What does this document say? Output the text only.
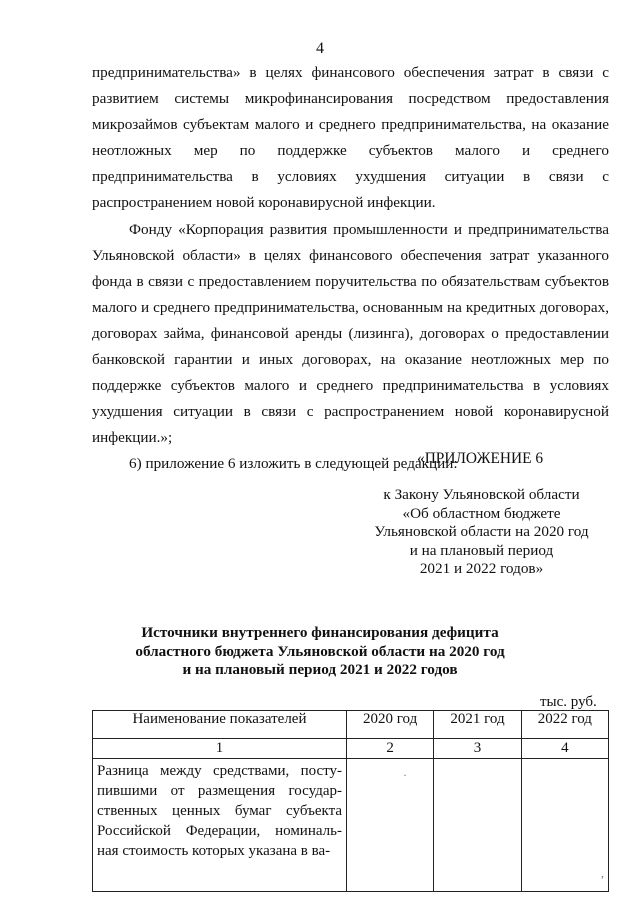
4

предпринимательства» в целях финансового обеспечения затрат в связи с развитием системы микрофинансирования посредством предоставления микрозаймов субъектам малого и среднего предпринимательства, на оказание неотложных мер по поддержке субъектов малого и среднего предпринимательства в условиях ухудшения ситуации в связи с распространением новой коронавирусной инфекции.

Фонду «Корпорация развития промышленности и предпринимательства Ульяновской области» в целях финансового обеспечения затрат указанного фонда в связи с предоставлением поручительства по обязательствам субъектов малого и среднего предпринимательства, основанным на кредитных договорах, договорах займа, финансовой аренды (лизинга), договорах о предоставлении банковской гарантии и иных договорах, на оказание неотложных мер по поддержке субъектов малого и среднего предпринимательства в условиях ухудшения ситуации в связи с распространением новой коронавирусной инфекции.»;

6) приложение 6 изложить в следующей редакции:

«ПРИЛОЖЕНИЕ 6
к Закону Ульяновской области
«Об областном бюджете
Ульяновской области на 2020 год
и на плановый период
2021 и 2022 годов»
Источники внутреннего финансирования дефицита
областного бюджета Ульяновской области на 2020 год
и на плановый период 2021 и 2022 годов
тыс. руб.
Наименование показателей	2020 год	2021 год	2022 год
1	2	3	4
Разница между средствами, посту- пившими от размещения государ- ственных ценных бумаг субъекта Российской Федерации, номиналь- ная стоимость которых указана в ва-			
·
,
